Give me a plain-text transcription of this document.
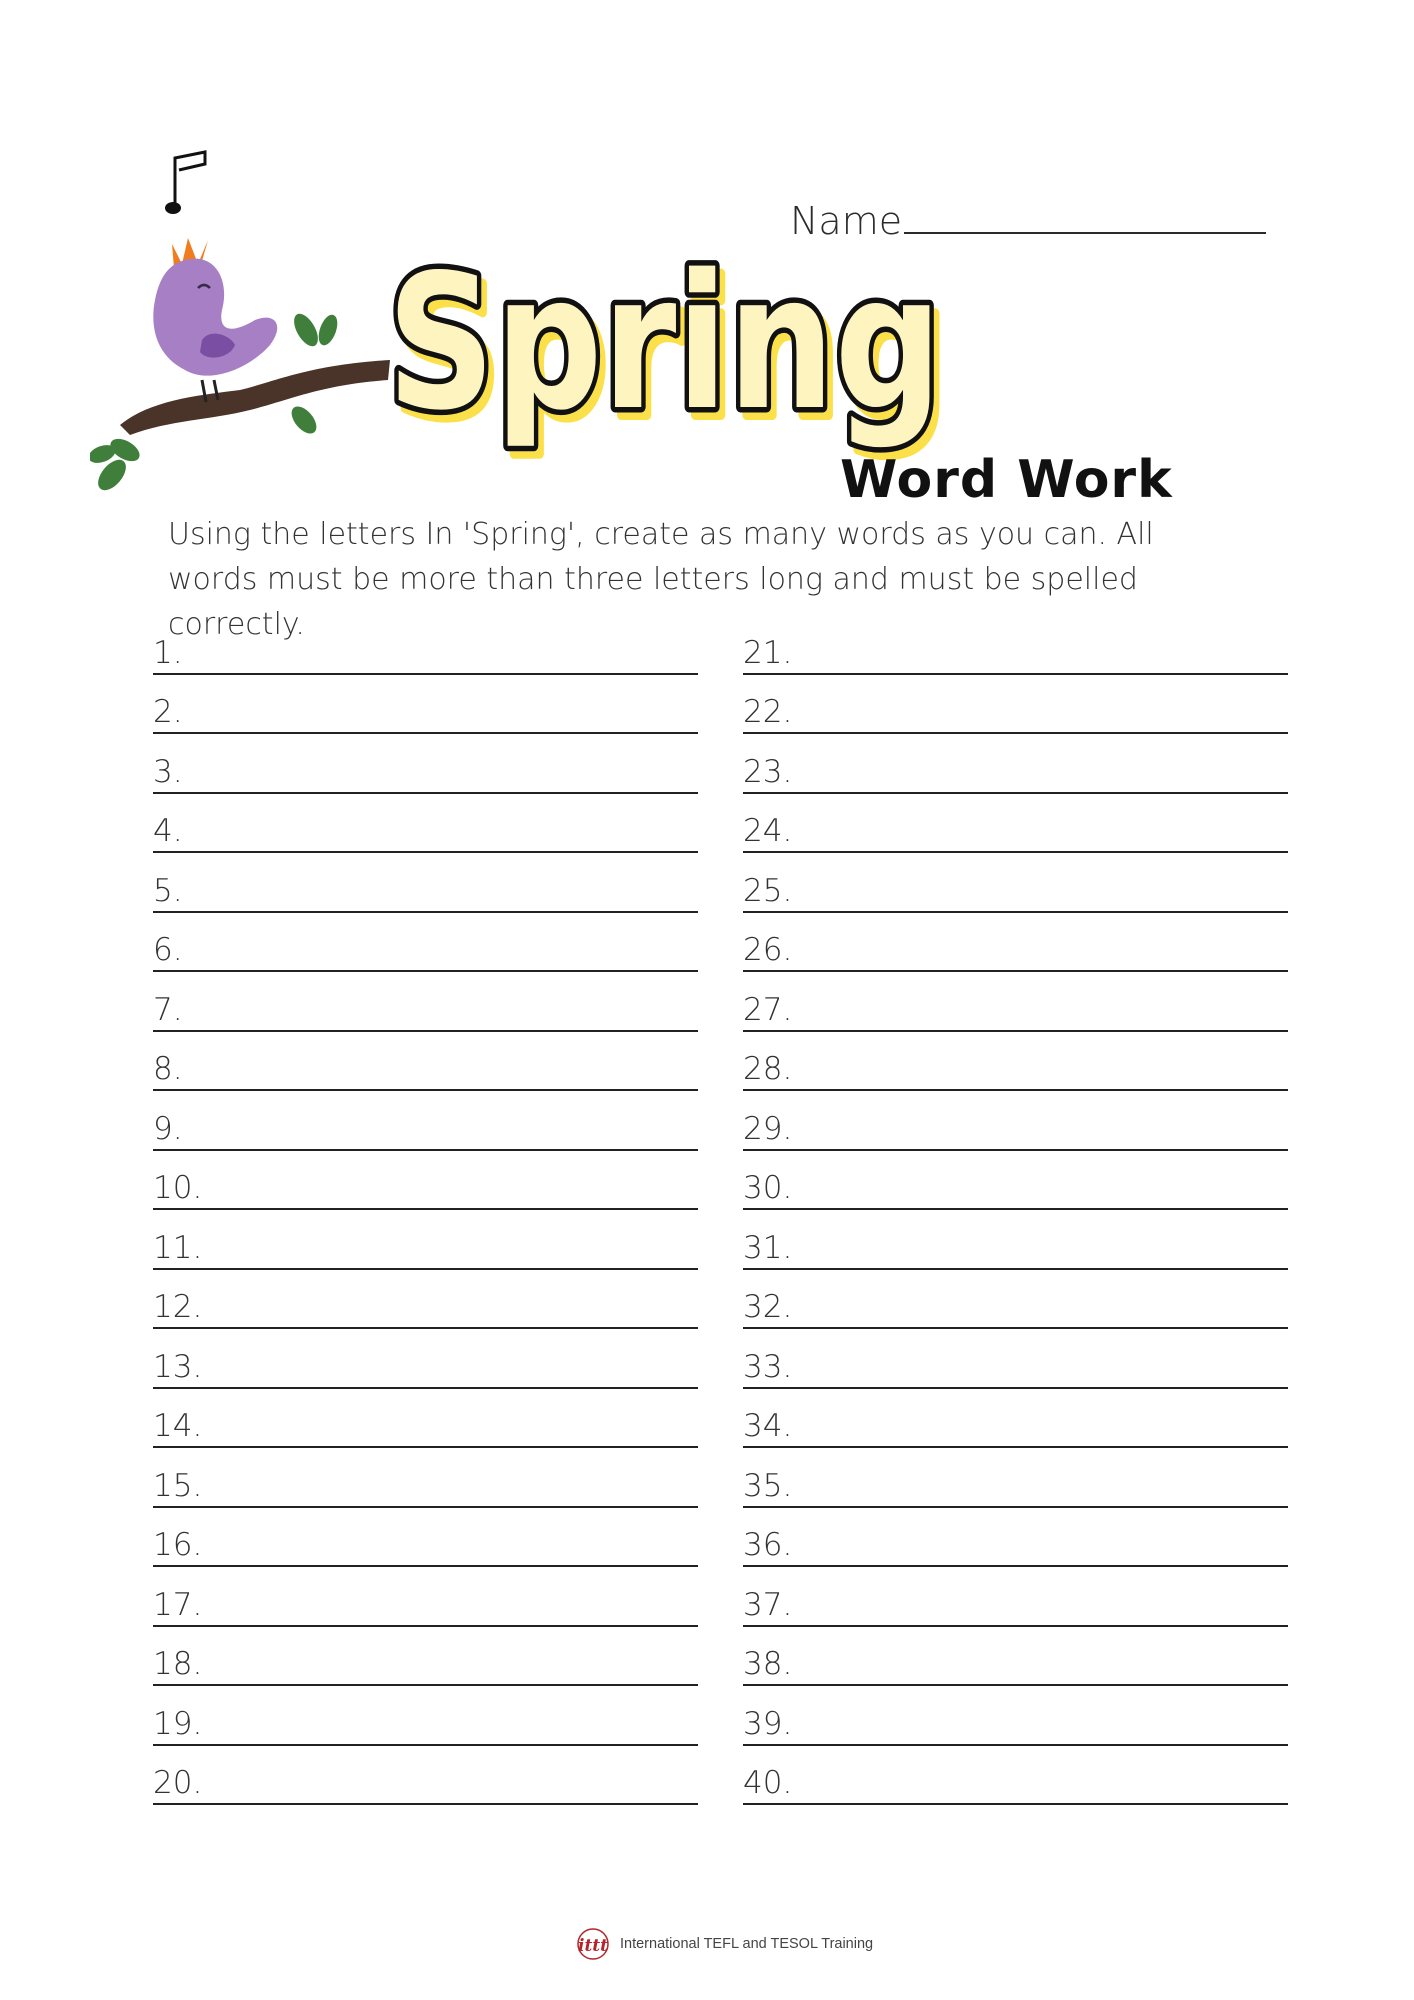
Spring
Spring
Spring
Name
Word Work
Using the letters In 'Spring', create as many words as you can. All words must be more than three letters long and must be spelled correctly.
1.
2.
3.
4.
5.
6.
7.
8.
9.
10.
11.
12.
13.
14.
15.
16.
17.
18.
19.
20.
21.
22.
23.
24.
25.
26.
27.
28.
29.
30.
31.
32.
33.
34.
35.
36.
37.
38.
39.
40.
ittt International TEFL and TESOL Training
